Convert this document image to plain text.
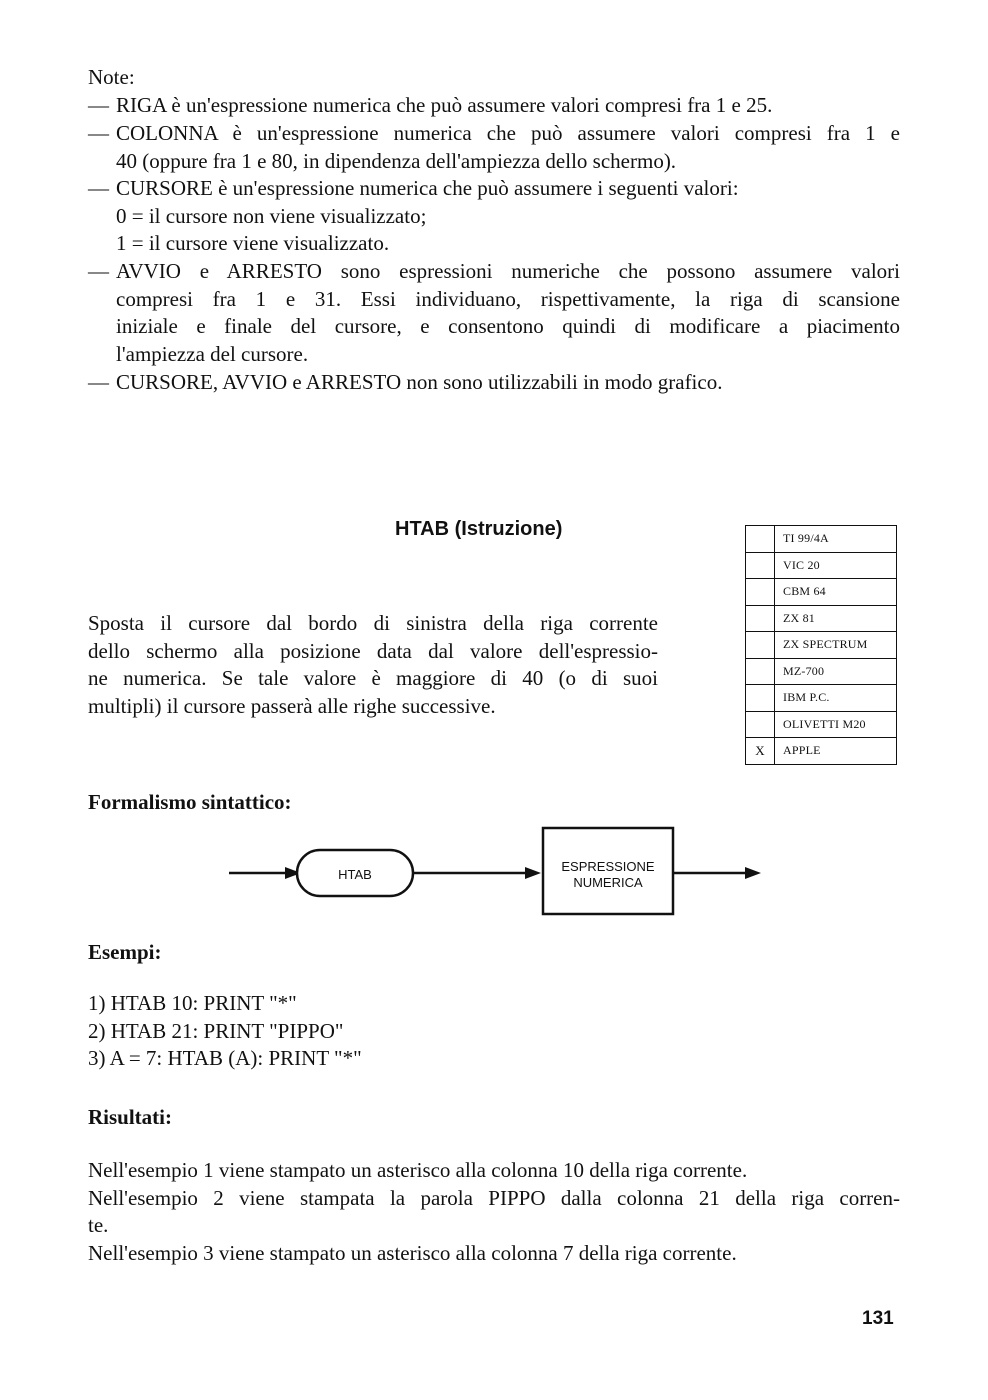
Note:
— RIGA è un'espressione numerica che può assumere valori compresi fra 1 e 25.
— COLONNA è un'espressione numerica che può assumere valori compresi fra 1 e
40 (oppure fra 1 e 80, in dipendenza dell'ampiezza dello schermo).
— CURSORE è un'espressione numerica che può assumere i seguenti valori:
0 = il cursore non viene visualizzato;
1 = il cursore viene visualizzato.
— AVVIO e ARRESTO sono espressioni numeriche che possono assumere valori
compresi fra 1 e 31. Essi individuano, rispettivamente, la riga di scansione
iniziale e finale del cursore, e consentono quindi di modificare a piacimento
l'ampiezza del cursore.
— CURSORE, AVVIO e ARRESTO non sono utilizzabili in modo grafico.
HTAB (Istruzione)
Sposta il cursore dal bordo di sinistra della riga corrente
dello schermo alla posizione data dal valore dell'espressio-
ne numerica. Se tale valore è maggiore di 40 (o di suoi
multipli) il cursore passerà alle righe successive.
	TI 99/4A
	VIC 20
	CBM 64
	ZX 81
	ZX SPECTRUM
	MZ-700
	IBM P.C.
	OLIVETTI M20
X	APPLE
Formalismo sintattico:
HTAB
ESPRESSIONE
NUMERICA
Esempi:
1) HTAB 10: PRINT "*"
2) HTAB 21: PRINT "PIPPO"
3) A = 7: HTAB (A): PRINT "*"
Risultati:
Nell'esempio 1 viene stampato un asterisco alla colonna 10 della riga corrente.
Nell'esempio 2 viene stampata la parola PIPPO dalla colonna 21 della riga corren-
te.
Nell'esempio 3 viene stampato un asterisco alla colonna 7 della riga corrente.
131
